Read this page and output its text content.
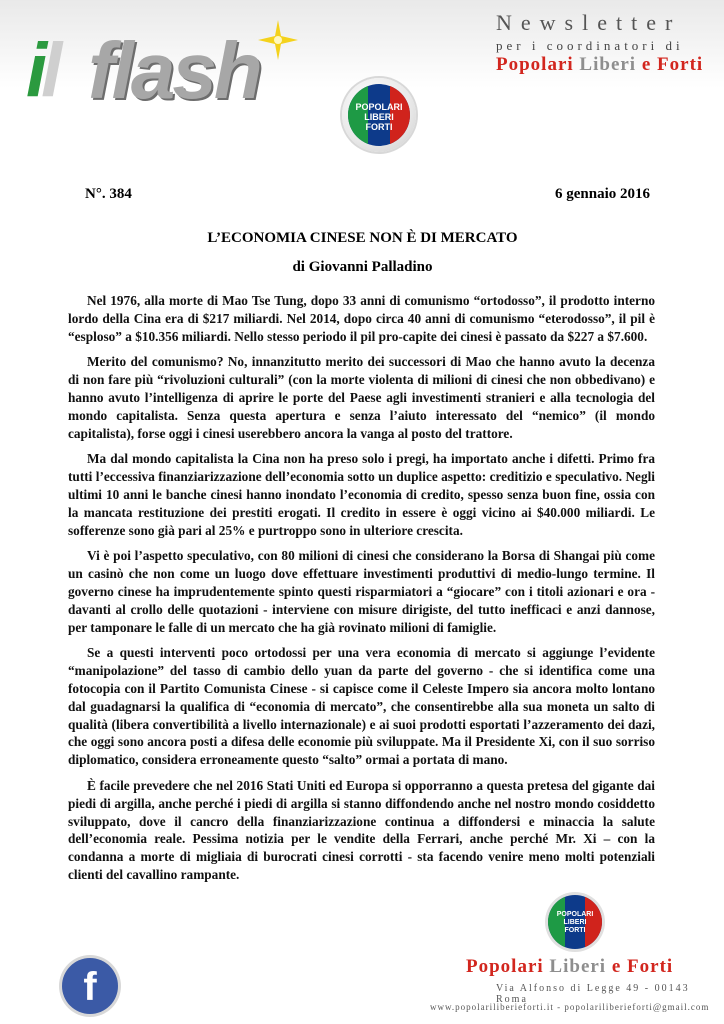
il flash
Newsletter
per i coordinatori di
Popolari Liberi e Forti
POPOLARI
LIBERI
FORTI
N°. 384	6 gennaio 2016
L’ECONOMIA CINESE NON È DI MERCATO
di Giovanni Palladino

Nel 1976, alla morte di Mao Tse Tung, dopo 33 anni di comunismo “ortodosso”, il prodotto interno lordo della Cina era di $217 miliardi. Nel 2014, dopo circa 40 anni di comunismo “eterodosso”, il pil è “esploso” a $10.356 miliardi. Nello stesso periodo il pil pro-capite dei cinesi è passato da $227 a $7.600.

Merito del comunismo? No, innanzitutto merito dei successori di Mao che hanno avuto la decenza di non fare più “rivoluzioni culturali” (con la morte violenta di milioni di cinesi che non obbedivano) e hanno avuto l’intelligenza di aprire le porte del Paese agli investimenti stranieri e alla tecnologia del mondo capitalista. Senza questa apertura e senza l’aiuto interessato del “nemico” (il mondo capitalista), forse oggi i cinesi userebbero ancora la vanga al posto del trattore.

Ma dal mondo capitalista la Cina non ha preso solo i pregi, ha importato anche i difetti. Primo fra tutti l’eccessiva finanziarizzazione dell’economia sotto un duplice aspetto: creditizio e speculativo. Negli ultimi 10 anni le banche cinesi hanno inondato l’economia di credito, spesso senza buon fine, ossia con la mancata restituzione dei prestiti erogati. Il credito in essere è oggi vicino ai $40.000 miliardi. Le sofferenze sono già pari al 25% e purtroppo sono in ulteriore crescita.

Vi è poi l’aspetto speculativo, con 80 milioni di cinesi che considerano la Borsa di Shangai più come un casinò che non come un luogo dove effettuare investimenti produttivi di medio-lungo termine. Il governo cinese ha imprudentemente spinto questi risparmiatori a “giocare” con i titoli azionari e ora - davanti al crollo delle quotazioni - interviene con misure dirigiste, del tutto inefficaci e anzi dannose, per tamponare le falle di un mercato che ha già rovinato milioni di famiglie.

Se a questi interventi poco ortodossi per una vera economia di mercato si aggiunge l’evidente “manipolazione” del tasso di cambio dello yuan da parte del governo - che si identifica come una fotocopia con il Partito Comunista Cinese - si capisce come il Celeste Impero sia ancora molto lontano dal guadagnarsi la qualifica di “economia di mercato”, che consentirebbe alla sua moneta un salto di qualità (libera convertibilità a livello internazionale) e ai suoi prodotti esportati l’azzeramento dei dazi, che oggi sono ancora posti a difesa delle economie più sviluppate. Ma il Presidente Xi, con il suo sorriso diplomatico, considera erroneamente questo “salto” ormai a portata di mano.

È facile prevedere che nel 2016 Stati Uniti ed Europa si opporranno a questa pretesa del gigante dai piedi di argilla, anche perché i piedi di argilla si stanno diffondendo anche nel nostro mondo cosiddetto sviluppato, dove il cancro della finanziarizzazione continua a diffondersi e minaccia la salute dell’economia reale. Pessima notizia per le vendite della Ferrari, anche perché Mr. Xi – con la condanna a morte di migliaia di burocrati cinesi corrotti - sta facendo venire meno molti potenziali clienti del cavallino rampante.

f
POPOLARI
LIBERI
FORTI
Popolari Liberi e Forti
Via Alfonso di Legge 49 - 00143 Roma
www.popolariliberieforti.it - popolariliberieforti@gmail.com
